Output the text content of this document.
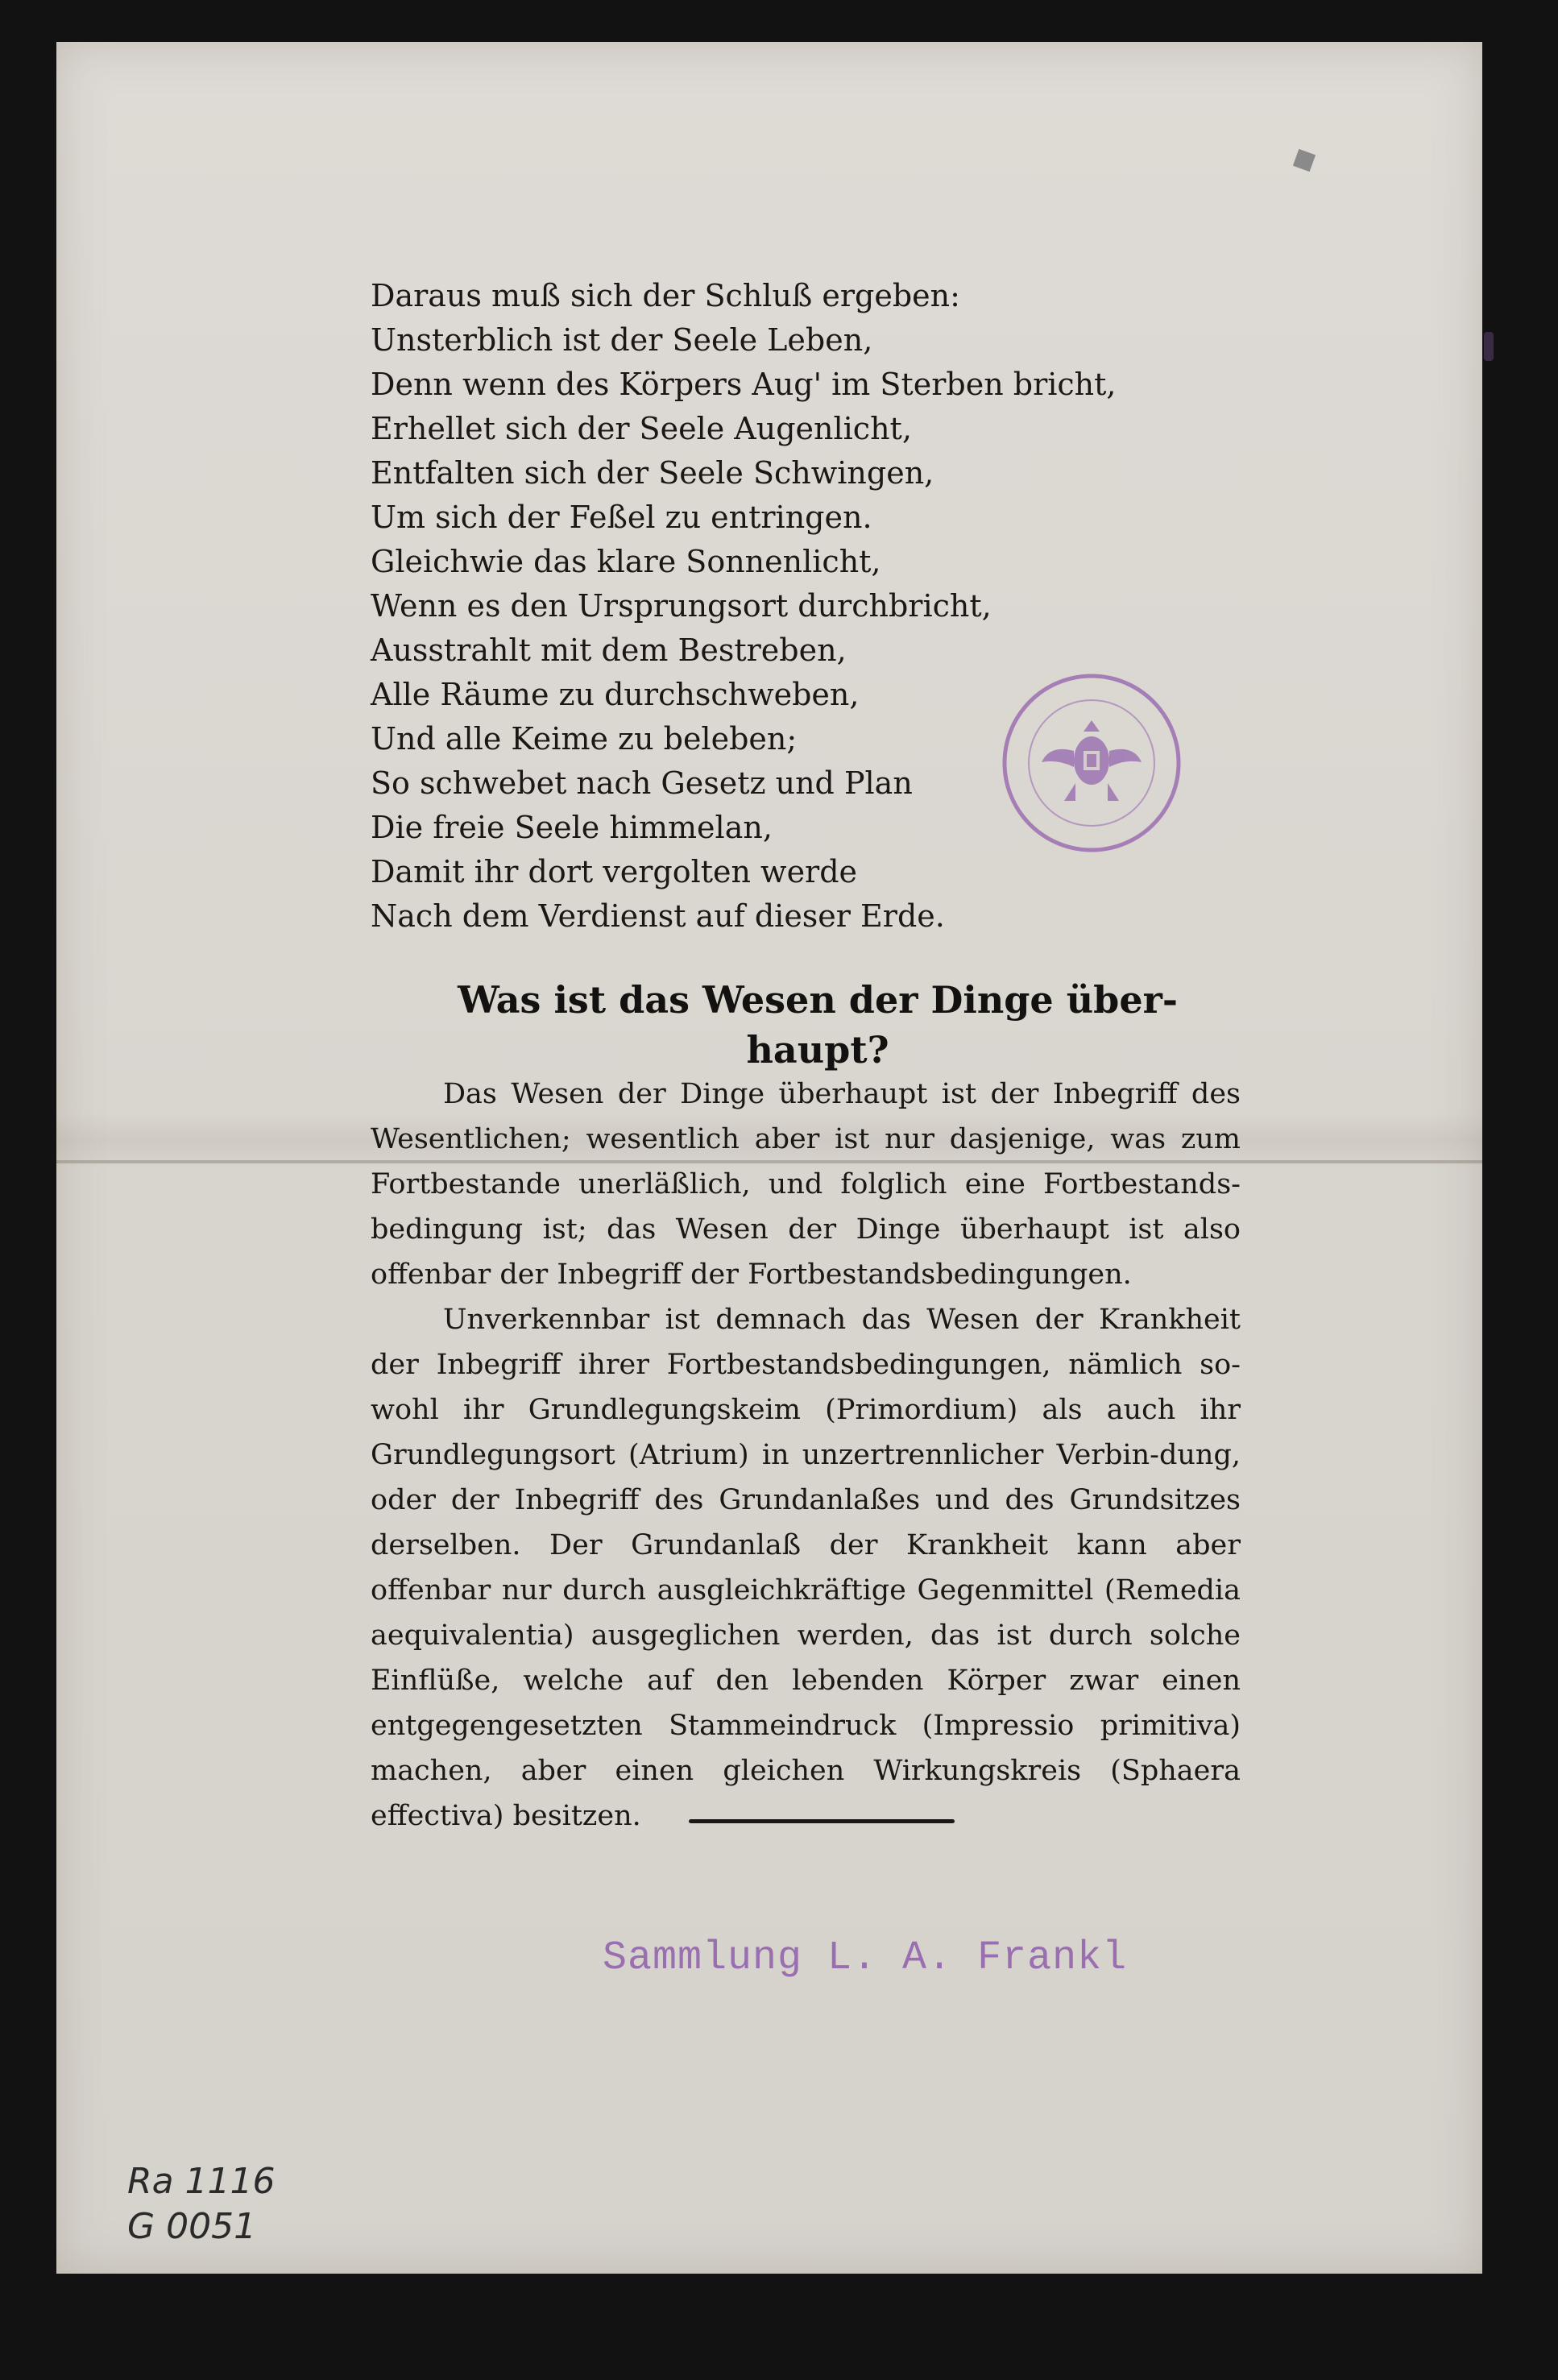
Daraus muß sich der Schluß ergeben:
Unsterblich ist der Seele Leben,
Denn wenn des Körpers Aug' im Sterben bricht,
Erhellet sich der Seele Augenlicht,
Entfalten sich der Seele Schwingen,
Um sich der Feßel zu entringen.
Gleichwie das klare Sonnenlicht,
Wenn es den Ursprungsort durchbricht,
Ausstrahlt mit dem Bestreben,
Alle Räume zu durchschweben,
Und alle Keime zu beleben;
So schwebet nach Gesetz und Plan
Die freie Seele himmelan,
Damit ihr dort vergolten werde
Nach dem Verdienst auf dieser Erde.
Was ist das Wesen der Dinge über-
haupt?

Das Wesen der Dinge überhaupt ist der Inbegriff des Wesentlichen; wesentlich aber ist nur dasjenige, was zum Fortbestande unerläßlich, und folglich eine Fortbestands-bedingung ist; das Wesen der Dinge überhaupt ist also offenbar der Inbegriff der Fortbestandsbedingungen.

Unverkennbar ist demnach das Wesen der Krankheit der Inbegriff ihrer Fortbestandsbedingungen, nämlich so-wohl ihr Grundlegungskeim (Primordium) als auch ihr Grundlegungsort (Atrium) in unzertrennlicher Verbin-dung, oder der Inbegriff des Grundanlaßes und des Grundsitzes derselben. Der Grundanlaß der Krankheit kann aber offenbar nur durch ausgleichkräftige Gegenmittel (Remedia aequivalentia) ausgeglichen werden, das ist durch solche Einflüße, welche auf den lebenden Körper zwar einen entgegengesetzten Stammeindruck (Impressio primitiva) machen, aber einen gleichen Wirkungskreis (Sphaera effectiva) besitzen.

Sammlung L. A. Frankl
Ra 1116
G 0051
